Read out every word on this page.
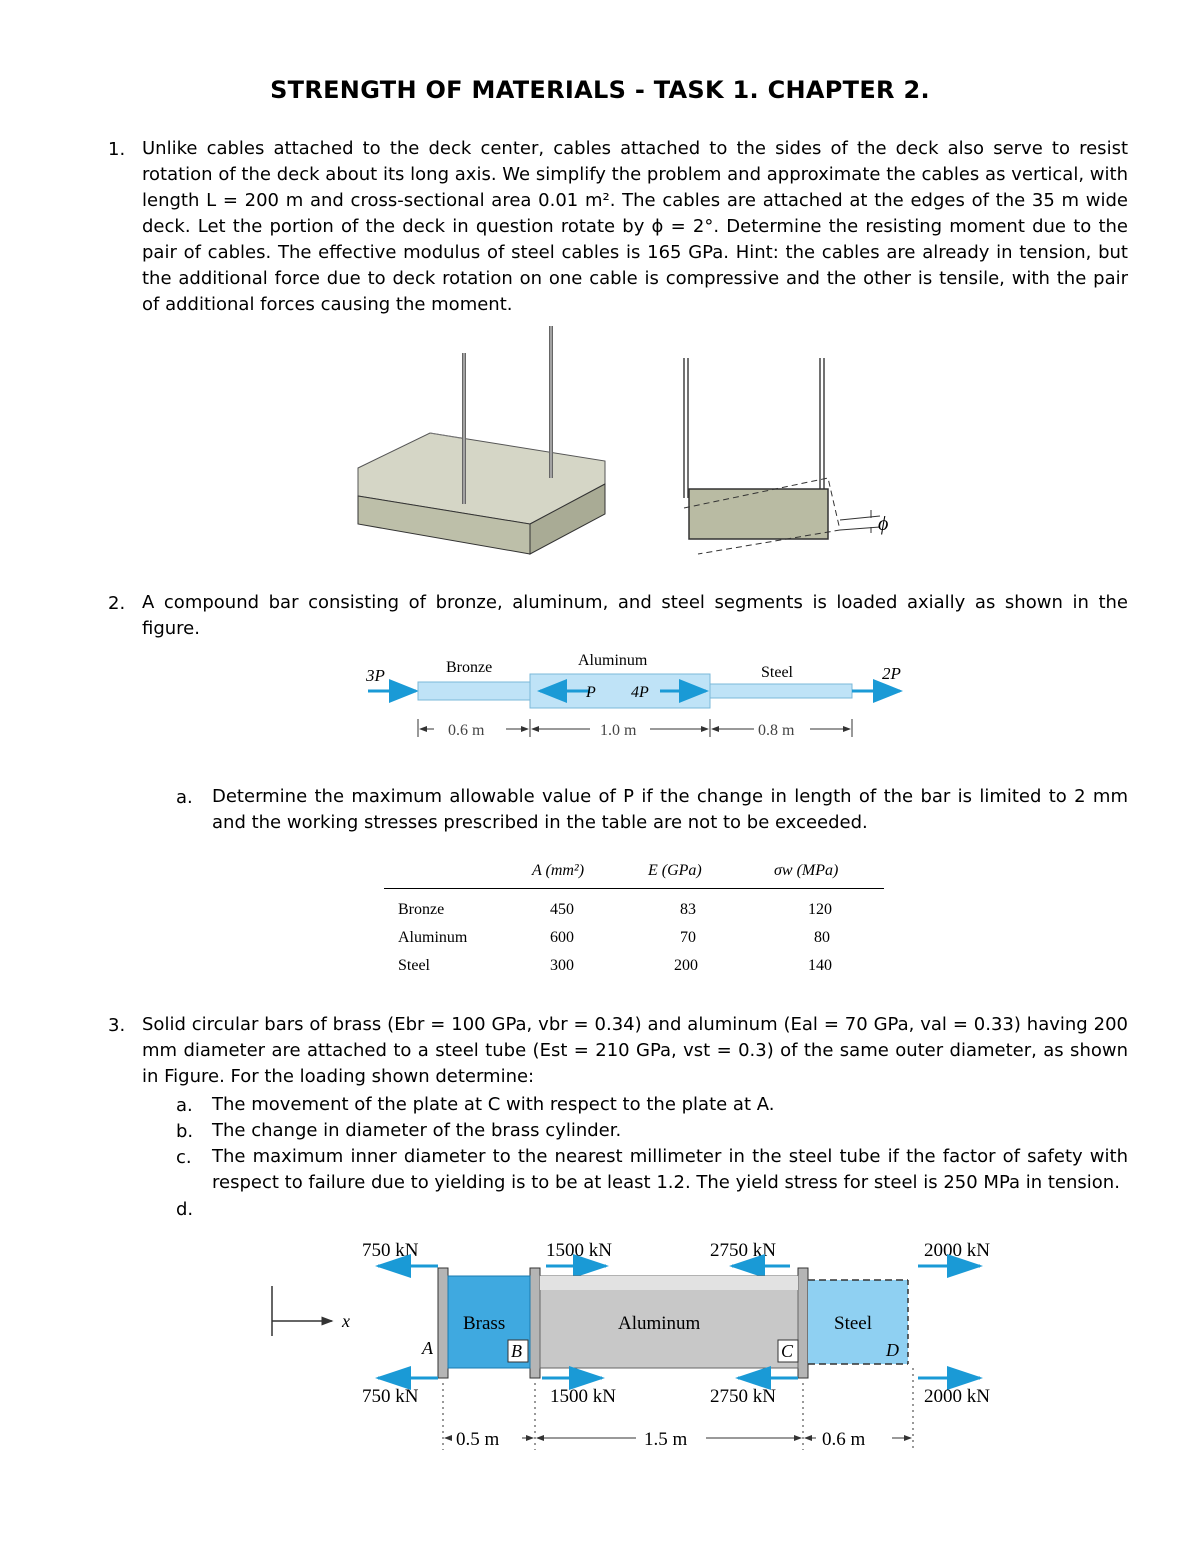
STRENGTH OF MATERIALS - TASK 1. CHAPTER 2.
1. Unlike cables attached to the deck center, cables attached to the sides of the deck also serve to resist rotation of the deck about its long axis. We simplify the problem and approximate the cables as vertical, with length L = 200 m and cross-sectional area 0.01 m². The cables are attached at the edges of the 35 m wide deck. Let the portion of the deck in question rotate by ϕ = 2°. Determine the resisting moment due to the pair of cables. The effective modulus of steel cables is 165 GPa. Hint: the cables are already in tension, but the additional force due to deck rotation on one cable is compressive and the other is tensile, with the pair of additional forces causing the moment.
ϕ
2. A compound bar consisting of bronze, aluminum, and steel segments is loaded axially as shown in the figure.
3P	2P
P 4P
Bronze	Aluminum
Steel
0.6 m	1.0 m	0.8 m
a. Determine the maximum allowable value of P if the change in length of the bar is limited to 2 mm and the working stresses prescribed in the table are not to be exceeded.
A (mm²)	E (GPa)	σw (MPa)
Bronze	450	83	120
Aluminum	600	70	80
Steel	300	200	140
3. Solid circular bars of brass (Ebr = 100 GPa, vbr = 0.34) and aluminum (Eal = 70 GPa, val = 0.33) having 200 mm diameter are attached to a steel tube (Est = 210 GPa, vst = 0.3) of the same outer diameter, as shown in Figure. For the loading shown determine:
a. The movement of the plate at C with respect to the plate at A.
b. The change in diameter of the brass cylinder.
c. The maximum inner diameter to the nearest millimeter in the steel tube if the factor of safety with respect to failure due to yielding is to be at least 1.2. The yield stress for steel is 250 MPa in tension.
d.
x
750 kN	1500 kN	2750 kN	2000 kN
Brass	Aluminum	Steel
A	B	C	D
750 kN	1500 kN	2750 kN	2000 kN
0.5 m	1.5 m	0.6 m
